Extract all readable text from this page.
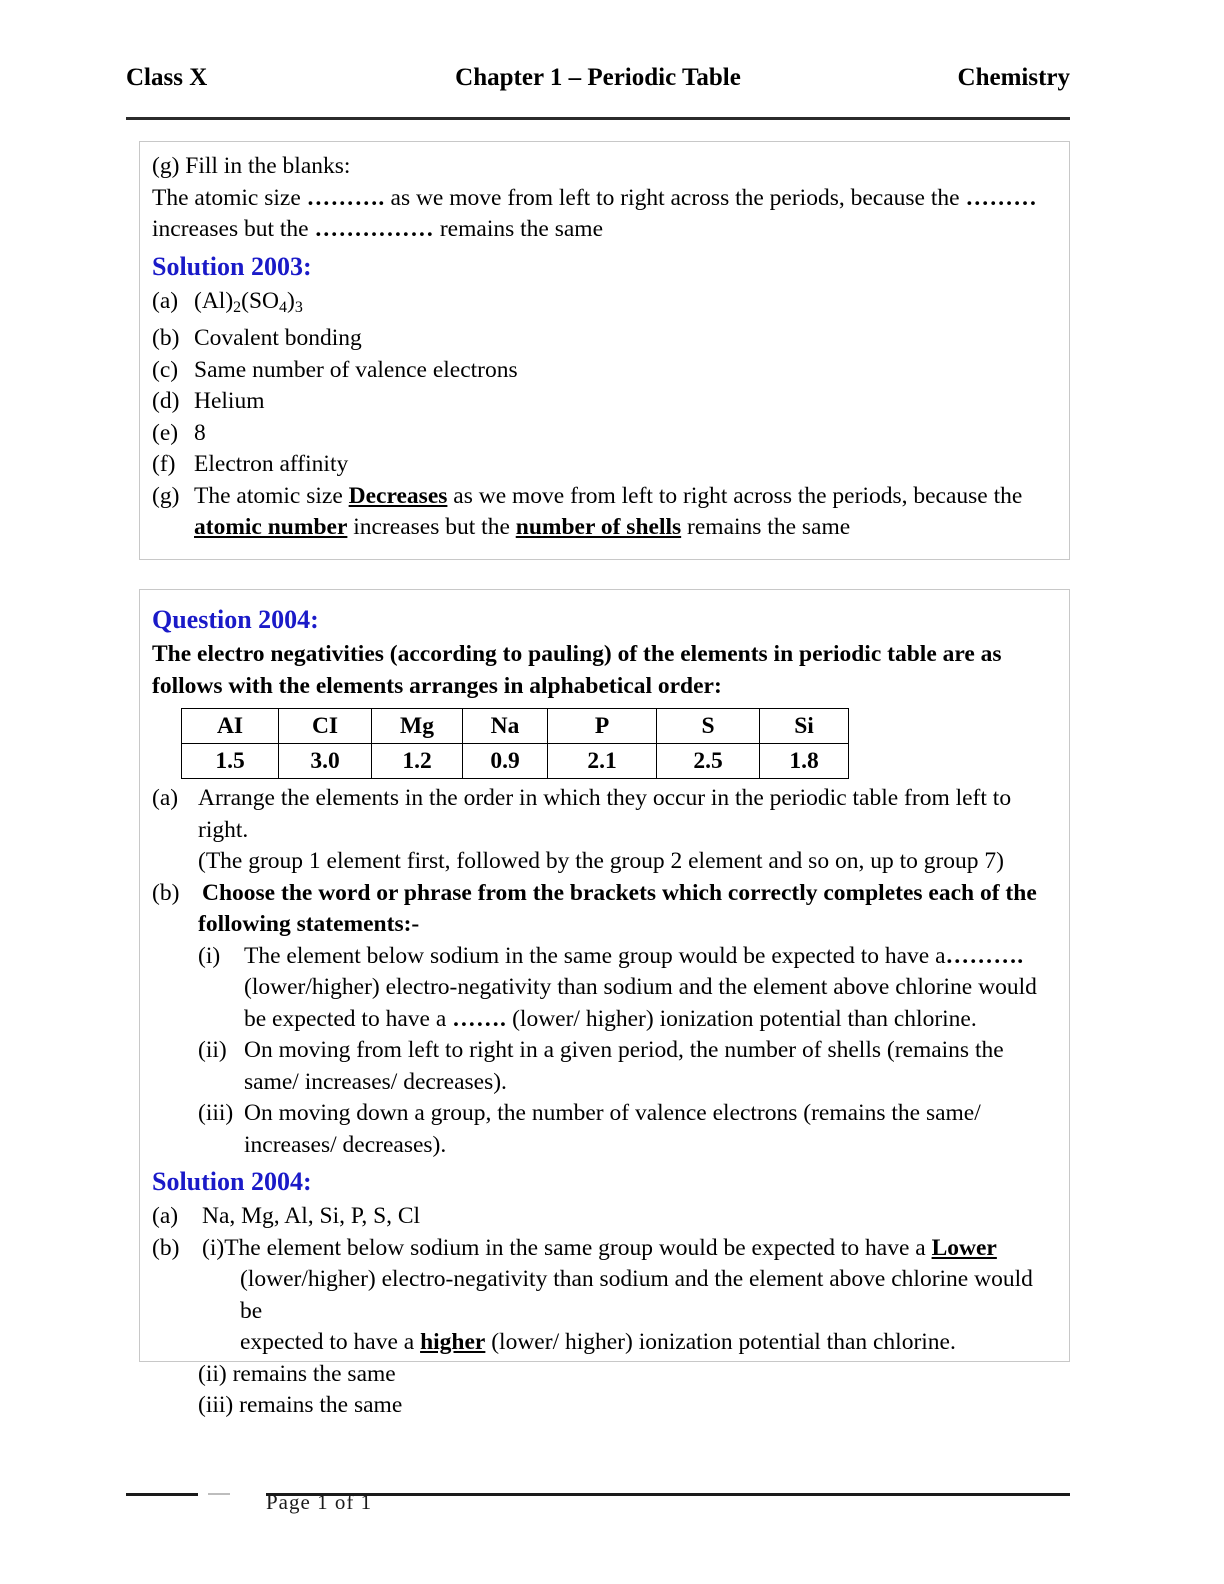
Class X	Chapter 1 – Periodic Table	Chemistry
(g) Fill in the blanks:
The atomic size ………. as we move from left to right across the periods, because the ………
increases but the …………… remains the same
Solution 2003:
(a) $(Al)_2(SO_4)_3$
(b) Covalent bonding
(c) Same number of valence electrons
(d) Helium
(e) 8
(f) Electron affinity
(g) The atomic size Decreases as we move from left to right across the periods, because the atomic number increases but the number of shells remains the same
Question 2004:
The electro negativities (according to pauling) of the elements in periodic table are as
follows with the elements arranges in alphabetical order:
AI	CI	Mg	Na	P	S	Si
1.5	3.0	1.2	0.9	2.1	2.5	1.8
(a) Arrange the elements in the order in which they occur in the periodic table from left to
right.
(The group 1 element first, followed by the group 2 element and so on, up to group 7)
(b) Choose the word or phrase from the brackets which correctly completes each of the
following statements:-
(i)	The element below sodium in the same group would be expected to have a……….
(lower/higher) electro-negativity than sodium and the element above chlorine would
be expected to have a ……. (lower/ higher) ionization potential than chlorine.
(ii) On moving from left to right in a given period, the number of shells (remains the
same/ increases/ decreases).
(iii) On moving down a group, the number of valence electrons (remains the same/
increases/ decreases).
Solution 2004:
(a)	Na, Mg, Al, Si, P, S, Cl
(b) (i)The element below sodium in the same group would be expected to have a Lower
(lower/higher) electro-negativity than sodium and the element above chlorine would be
expected to have a higher (lower/ higher) ionization potential than chlorine.
(ii) remains the same
(iii) remains the same
Page 1 of 1
